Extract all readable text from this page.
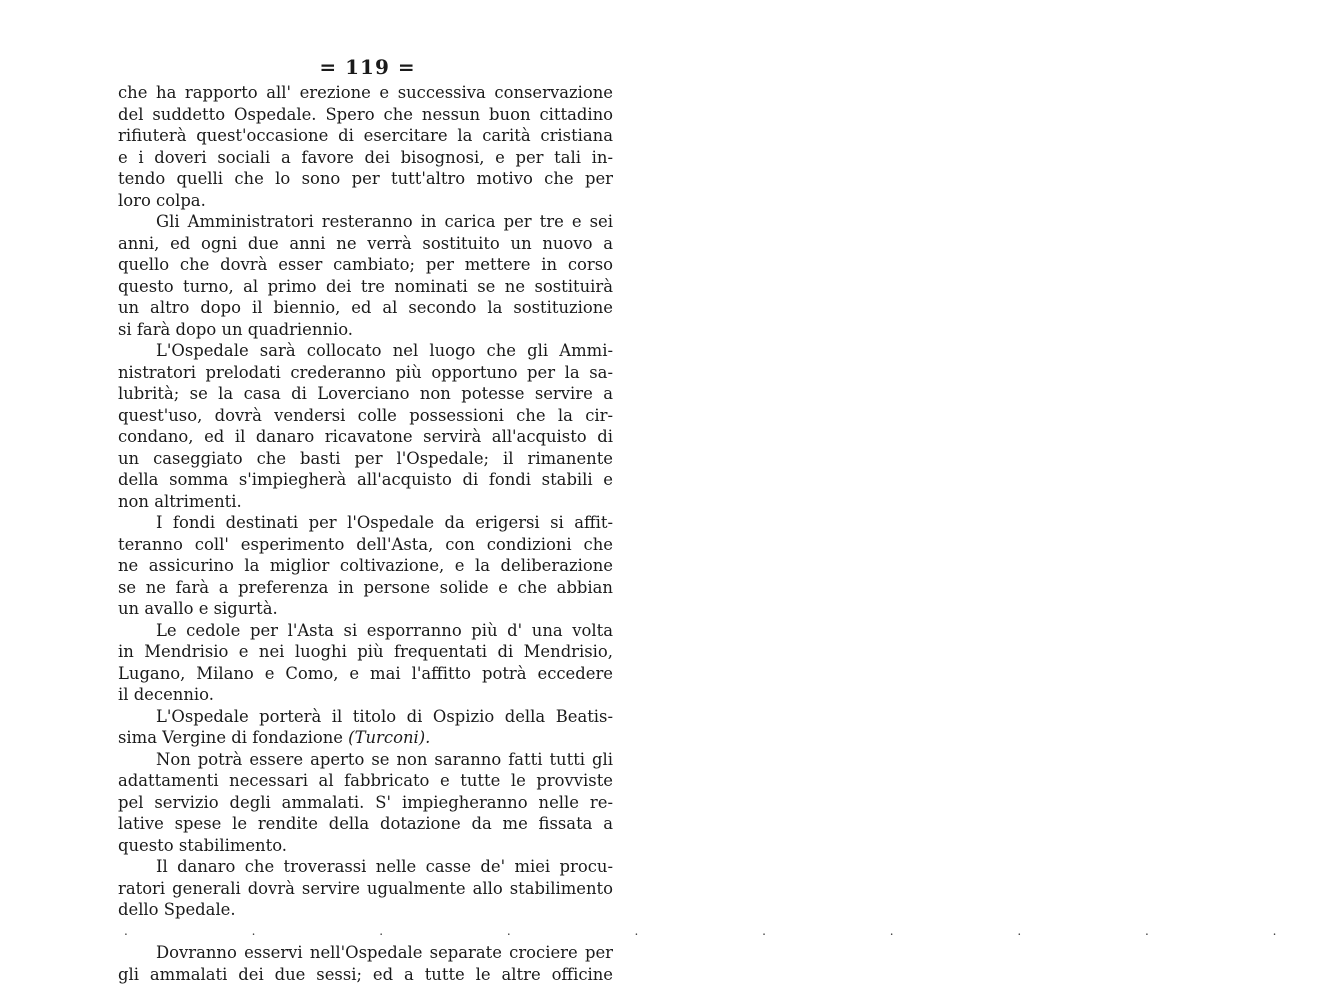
= 119 =
che ha rapporto all' erezione e successiva conservazione
del suddetto Ospedale. Spero che nessun buon cittadino
rifiuterà quest'occasione di esercitare la carità cristiana
e i doveri sociali a favore dei bisognosi, e per tali in-
tendo quelli che lo sono per tutt'altro motivo che per
loro colpa.
Gli Amministratori resteranno in carica per tre e sei
anni, ed ogni due anni ne verrà sostituito un nuovo a
quello che dovrà esser cambiato; per mettere in corso
questo turno, al primo dei tre nominati se ne sostituirà
un altro dopo il biennio, ed al secondo la sostituzione
si farà dopo un quadriennio.
L'Ospedale sarà collocato nel luogo che gli Ammi-
nistratori prelodati crederanno più opportuno per la sa-
lubrità; se la casa di Loverciano non potesse servire a
quest'uso, dovrà vendersi colle possessioni che la cir-
condano, ed il danaro ricavatone servirà all'acquisto di
un caseggiato che basti per l'Ospedale; il rimanente
della somma s'impiegherà all'acquisto di fondi stabili e
non altrimenti.
I fondi destinati per l'Ospedale da erigersi si affit-
teranno coll' esperimento dell'Asta, con condizioni che
ne assicurino la miglior coltivazione, e la deliberazione
se ne farà a preferenza in persone solide e che abbian
un avallo e sigurtà.
Le cedole per l'Asta si esporranno più d' una volta
in Mendrisio e nei luoghi più frequentati di Mendrisio,
Lugano, Milano e Como, e mai l'affitto potrà eccedere
il decennio.
L'Ospedale porterà il titolo di Ospizio della Beatis-
sima Vergine di fondazione (Turconi).
Non potrà essere aperto se non saranno fatti tutti gli
adattamenti necessari al fabbricato e tutte le provviste
pel servizio degli ammalati. S' impiegheranno nelle re-
lative spese le rendite della dotazione da me fissata a
questo stabilimento.
Il danaro che troverassi nelle casse de' miei procu-
ratori generali dovrà servire ugualmente allo stabilimento
dello Spedale.
. . . . . . . . . .
Dovranno esservi nell'Ospedale separate crociere per
gli ammalati dei due sessi; ed a tutte le altre officine
